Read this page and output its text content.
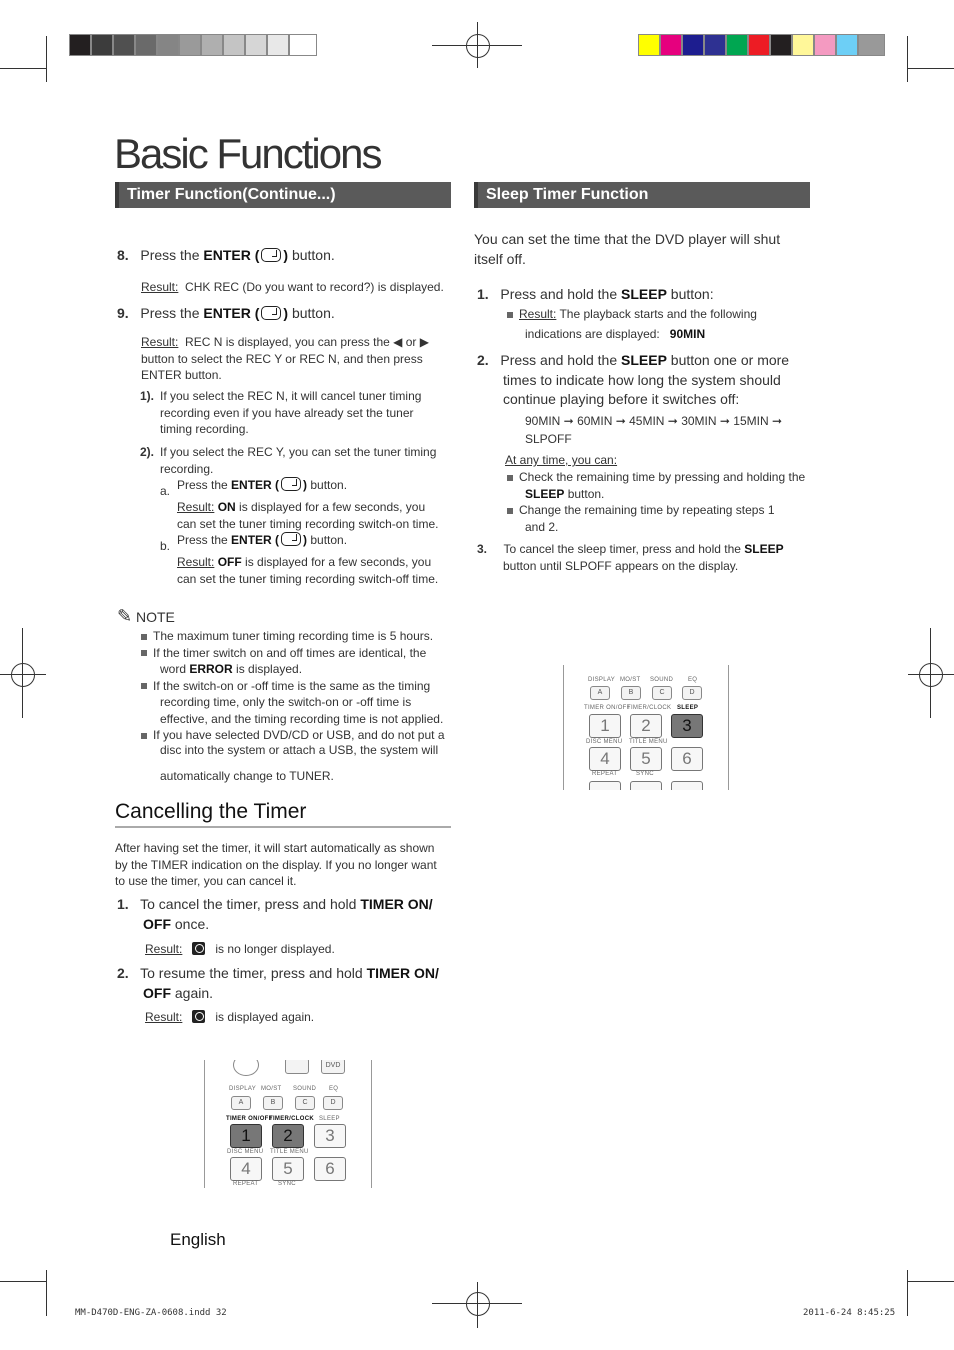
Basic Functions
Timer Function(Continue...)
8. Press the ENTER ( ) button.
Result: CHK REC (Do you want to record?) is displayed.
9. Press the ENTER ( ) button.
Result: REC N is displayed, you can press the ◀ or ▶
button to select the REC Y or REC N, and then press
ENTER button.
1). If you select the REC N, it will cancel tuner timing
recording even if you have already set the tuner
timing recording.
2). If you select the REC Y, you can set the tuner timing
recording.
a. Press the ENTER ( ) button.
Result: ON is displayed for a few seconds, you
can set the tuner timing recording switch-on time.
b. Press the ENTER ( ) button.
Result: OFF is displayed for a few seconds, you
can set the tuner timing recording switch-off time.
✎ NOTE
The maximum tuner timing recording time is 5 hours.
If the timer switch on and off times are identical, the
word ERROR is displayed.
If the switch-on or -off time is the same as the timing
recording time, only the switch-on or -off time is
effective, and the timing recording time is not applied.
If you have selected DVD/CD or USB, and do not put a
disc into the system or attach a USB, the system will
automatically change to TUNER.
Cancelling the Timer
After having set the timer, it will start automatically as shown
by the TIMER indication on the display. If you no longer want
to use the timer, you can cancel it.
1. To cancel the timer, press and hold TIMER ON/
OFF once.
Result:	is no longer displayed.
2. To resume the timer, press and hold TIMER ON/
OFF again.
Result:	is displayed again.
DVD
DISPLAY MO/ST SOUND EQ
A	B	C	D
TIMER ON/OFF
TIMER/CLOCK SLEEP
1	2	3
DISC MENU TITLE MENU
4	5	6
REPEAT	SYNC
Sleep Timer Function
You can set the time that the DVD player will shut
itself off.
1. Press and hold the SLEEP button:
Result: The playback starts and the following
indications are displayed: 90MIN
2. Press and hold the SLEEP button one or more
times to indicate how long the system should
continue playing before it switches off:
90MIN ➞ 60MIN ➞ 45MIN ➞ 30MIN ➞ 15MIN ➞
SLPOFF
At any time, you can:
Check the remaining time by pressing and holding the
SLEEP button.
Change the remaining time by repeating steps 1
and 2.
3. To cancel the sleep timer, press and hold the SLEEP
button until SLPOFF appears on the display.
DISPLAY MO/ST SOUND EQ
A	B	C	D
TIMER ON/OFF
TIMER/CLOCK SLEEP
1	2	3
DISC MENU TITLE MENU
4	5	6
REPEAT	SYNC
English
MM-D470D-ENG-ZA-0608.indd 32	2011-6-24 8:45:25
